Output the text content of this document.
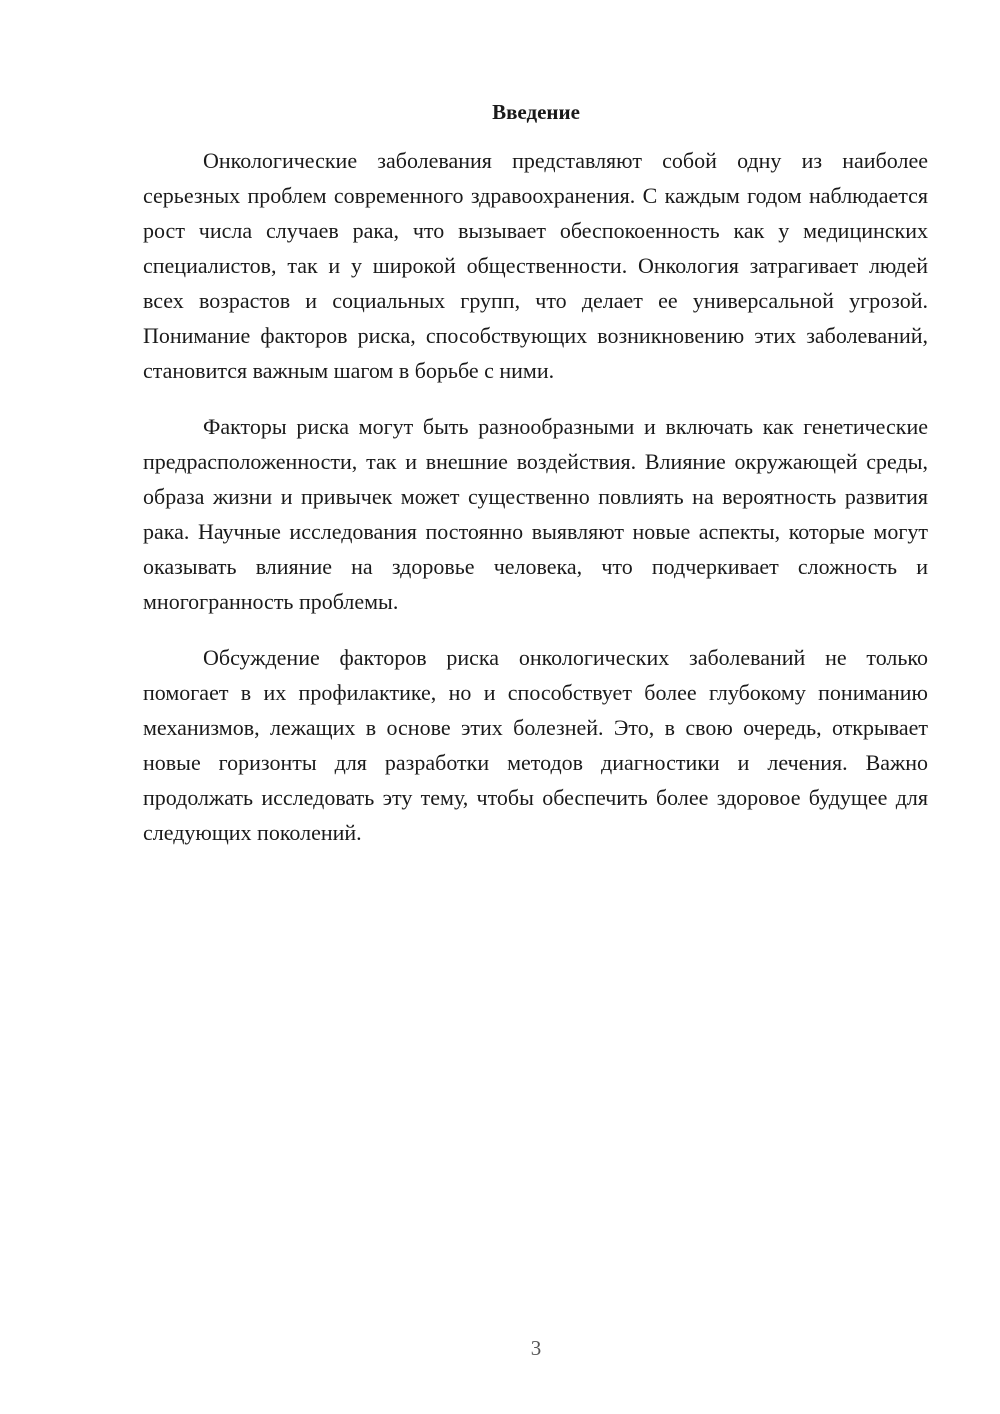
Введение

Онкологические заболевания представляют собой одну из наиболее серьезных проблем современного здравоохранения. С каждым годом наблюдается рост числа случаев рака, что вызывает обеспокоенность как у медицинских специалистов, так и у широкой общественности. Онкология затрагивает людей всех возрастов и социальных групп, что делает ее универсальной угрозой. Понимание факторов риска, способствующих возникновению этих заболеваний, становится важным шагом в борьбе с ними.

Факторы риска могут быть разнообразными и включать как генетические предрасположенности, так и внешние воздействия. Влияние окружающей среды, образа жизни и привычек может существенно повлиять на вероятность развития рака. Научные исследования постоянно выявляют новые аспекты, которые могут оказывать влияние на здоровье человека, что подчеркивает сложность и многогранность проблемы.

Обсуждение факторов риска онкологических заболеваний не только помогает в их профилактике, но и способствует более глубокому пониманию механизмов, лежащих в основе этих болезней. Это, в свою очередь, открывает новые горизонты для разработки методов диагностики и лечения. Важно продолжать исследовать эту тему, чтобы обеспечить более здоровое будущее для следующих поколений.

3
